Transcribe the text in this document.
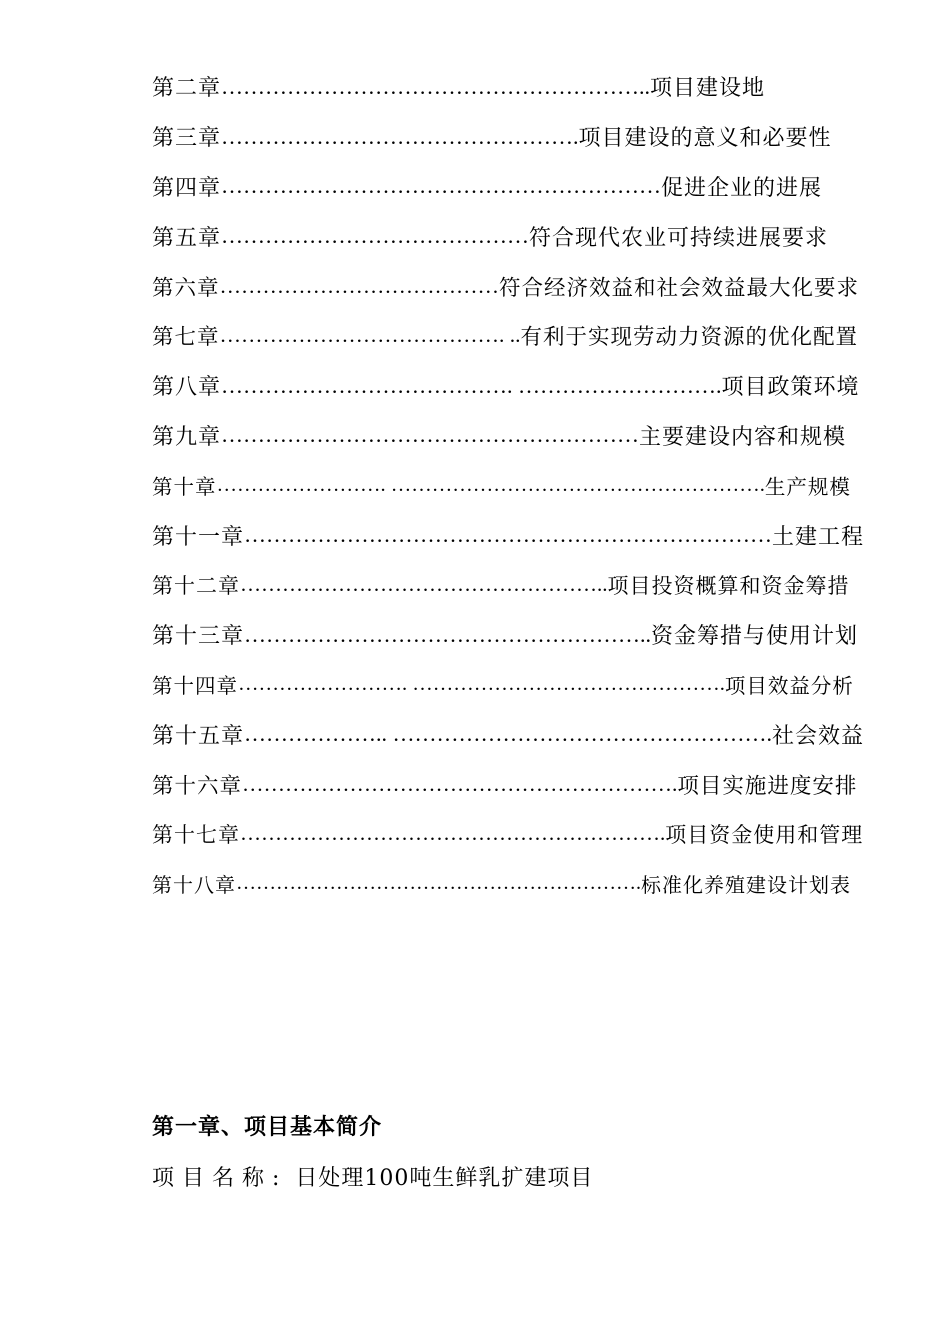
第二章 ………………………………………………….. 项目建设地
第三章 …………………………………………. 项目建设的意义和必要性
第四章 …………………………………………………… 促进企业的进展
第五章 …………………………………… 符合现代农业可持续进展要求
第六章 ………………………………… 符合经济效益和社会效益最大化要求
第七章 …………………………………. .. 有利于实现劳动力资源的优化配置
第八章 …………………………………. ………………………. 项目政策环境
第九章 ………………………………………………… 主要建设内容和规模
第十章 ……………………. ………………………………………………. 生产规模
第十一章 ……………………………………………………………… 土建工程
第十二章 …………………………………………….. 项目投资概算和资金筹措
第十三章 ……………………………………………….. 资金筹措与使用计划
第十四章 ……………………. ………………………………………. 项目效益分析
第十五章 ……………….. ……………………………………………. 社会效益
第十六章 ……………………………………………………. 项目实施进度安排
第十七章 ……………………………………………………. 项目资金使用和管理
第十八章 ……………………………………………………. 标准化养殖建设计划表
第一章、项目基本简介
项目名称: 日处理100吨生鲜乳扩建项目
